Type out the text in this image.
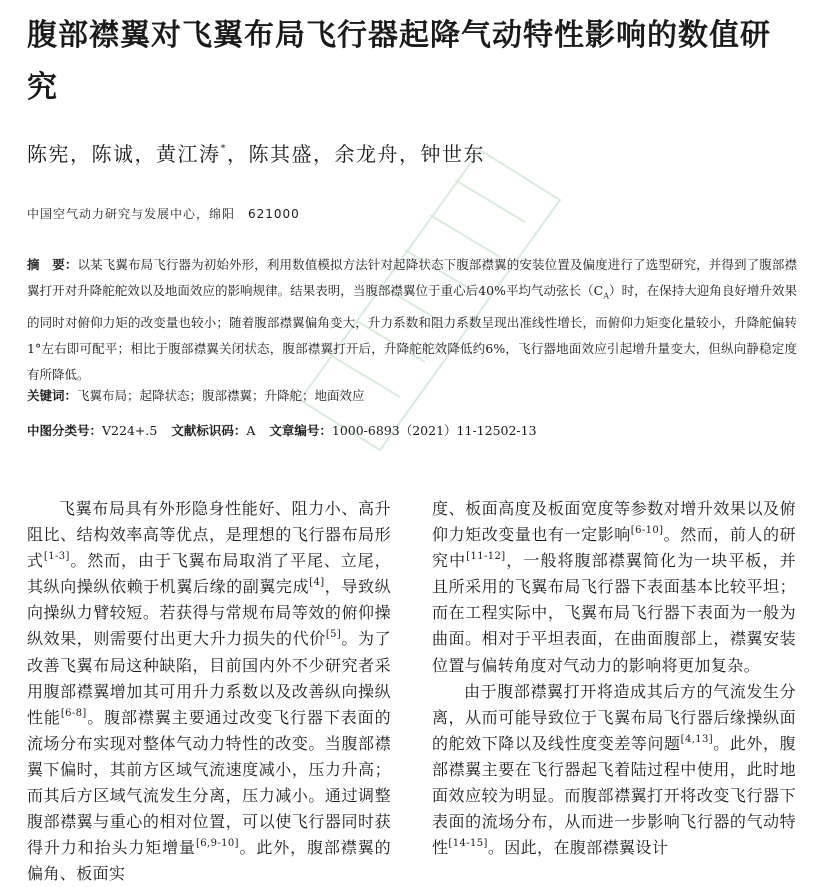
腹部襟翼对飞翼布局飞行器起降气动特性影响的数值研究
陈宪，陈诚，黄江涛*，陈其盛，余龙舟，钟世东
中国空气动力研究与发展中心，绵阳　621000

摘　要：以某飞翼布局飞行器为初始外形，利用数值模拟方法针对起降状态下腹部襟翼的安装位置及偏度进行了选型研究，并得到了腹部襟翼打开对升降舵舵效以及地面效应的影响规律。结果表明，当腹部襟翼位于重心后40%平均气动弦长$(C_A)$时，在保持大迎角良好增升效果的同时对俯仰力矩的改变量也较小；随着腹部襟翼偏角变大，升力系数和阻力系数呈现出准线性增长，而俯仰力矩变化量较小，升降舵偏转1°左右即可配平；相比于腹部襟翼关闭状态，腹部襟翼打开后，升降舵舵效降低约6%，飞行器地面效应引起增升量变大，但纵向静稳定度有所降低。

关键词：飞翼布局；起降状态；腹部襟翼；升降舵；地面效应
中图分类号：V224+.5 文献标识码：A 文章编号：1000-6893（2021）11-12502-13

飞翼布局具有外形隐身性能好、阻力小、高升阻比、结构效率高等优点，是理想的飞行器布局形式[1-3]。然而，由于飞翼布局取消了平尾、立尾，其纵向操纵依赖于机翼后缘的副翼完成[4]，导致纵向操纵力臂较短。若获得与常规布局等效的俯仰操纵效果，则需要付出更大升力损失的代价[5]。为了改善飞翼布局这种缺陷，目前国内外不少研究者采用腹部襟翼增加其可用升力系数以及改善纵向操纵性能[6-8]。腹部襟翼主要通过改变飞行器下表面的流场分布实现对整体气动力特性的改变。当腹部襟翼下偏时，其前方区域气流速度减小，压力升高；而其后方区域气流发生分离，压力减小。通过调整腹部襟翼与重心的相对位置，可以使飞行器同时获得升力和抬头力矩增量[6,9-10]。此外，腹部襟翼的偏角、板面实

度、板面高度及板面宽度等参数对增升效果以及俯仰力矩改变量也有一定影响[6-10]。然而，前人的研究中[11-12]，一般将腹部襟翼简化为一块平板，并且所采用的飞翼布局飞行器下表面基本比较平坦；而在工程实际中，飞翼布局飞行器下表面为一般为曲面。相对于平坦表面，在曲面腹部上，襟翼安装位置与偏转角度对气动力的影响将更加复杂。

由于腹部襟翼打开将造成其后方的气流发生分离，从而可能导致位于飞翼布局飞行器后缘操纵面的舵效下降以及线性度变差等问题[4,13]。此外，腹部襟翼主要在飞行器起飞着陆过程中使用，此时地面效应较为明显。而腹部襟翼打开将改变飞行器下表面的流场分布，从而进一步影响飞行器的气动特性[14-15]。因此，在腹部襟翼设计
